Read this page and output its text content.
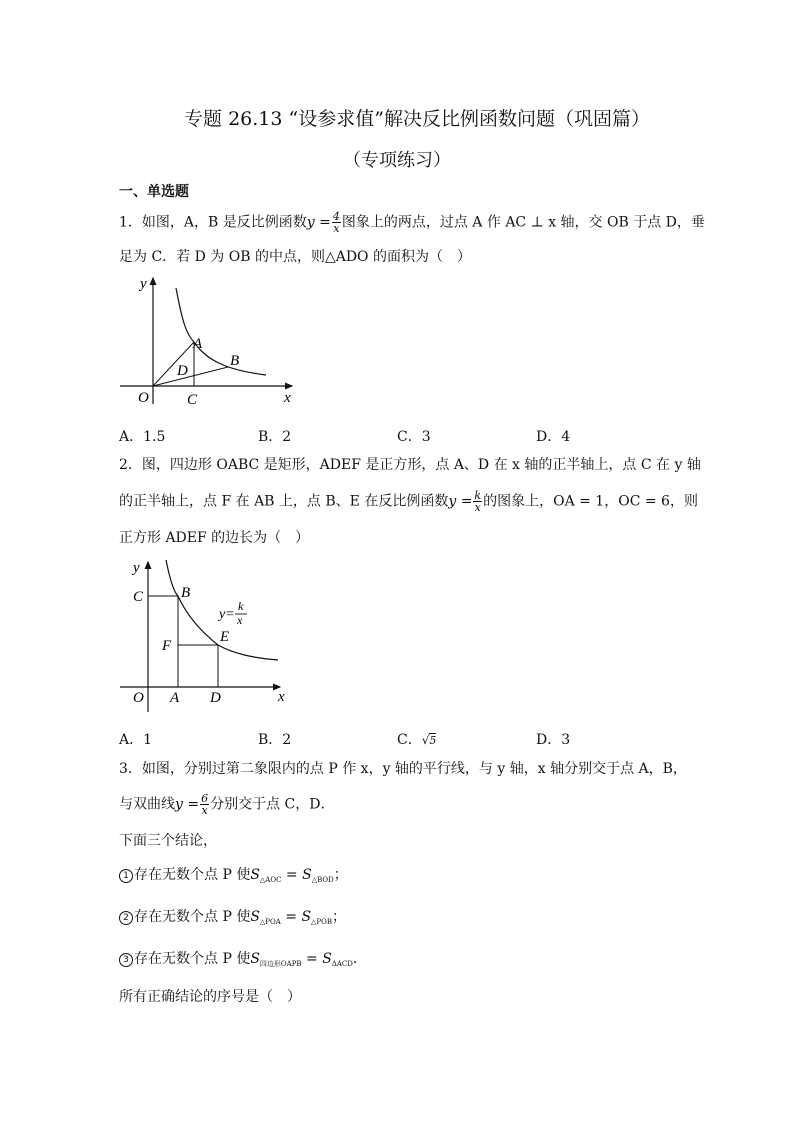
专题 26.13 “设参求值”解决反比例函数问题（巩固篇）
（专项练习）
一、单选题
1．如图，A，B 是反比例函数$y = \frac{4}{x}$ 图象上的两点，过点 A 作 AC ⊥ x 轴，交 OB 于点 D，垂
足为 C．若 D 为 OB 的中点，则△ADO 的面积为（　）
y
x
O
A
B
C
D
A．1.5	B．2	C．3	D．4
2．图，四边形 OABC 是矩形，ADEF 是正方形，点 A、D 在 x 轴的正半轴上，点 C 在 y 轴
的正半轴上，点 F 在 AB 上，点 B、E 在反比例函数$y = \frac{k}{x}$ 的图象上，OA = 1，OC = 6，则
正方形 ADEF 的边长为（　）
y
x
O A D
C	B
F
E
y=
k
x
A．1	B．2	C．√5	D．3
3．如图，分别过第二象限内的点 P 作 x，y 轴的平行线，与 y 轴，x 轴分别交于点 A，B，
与双曲线$y = \frac{6}{x}$ 分别交于点 C，D．
下面三个结论，
1 存在无数个点 P 使$S_{\triangle AOC} = S_{\triangle BOD}$；
2 存在无数个点 P 使$S_{\triangle POA} = S_{\triangle POB}$；
3 存在无数个点 P 使$S_{四边形OAPB} = S_{\Delta ACD}$．
所有正确结论的序号是（　）
